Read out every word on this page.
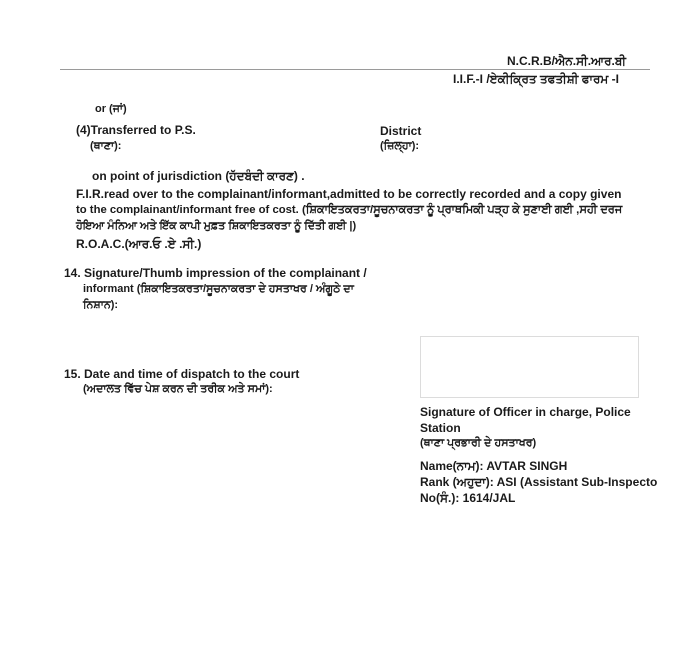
N.C.R.B/ਐਨ.ਸੀ.ਆਰ.ਬੀ
I.I.F.-I /ਏਕੀਕ੍ਰਿਤ ਤਫਤੀਸ਼ੀ ਫਾਰਮ -I
or (ਜਾਂ)
(4)Transferred to P.S.
(ਥਾਣਾ):
District
(ਜ਼ਿਲ੍ਹਾ):
on point of jurisdiction (ਹੱਦਬੰਦੀ ਕਾਰਣ) .
F.I.R.read over to the complainant/informant,admitted to be correctly recorded and a copy given
to the complainant/informant free of cost. (ਸ਼ਿਕਾਇਤਕਰਤਾ/ਸੂਚਨਾਕਰਤਾ ਨੂੰ ਪ੍ਰਾਥਮਿਕੀ ਪੜ੍ਹ ਕੇ ਸੁਣਾਈ ਗਈ ,ਸਹੀ ਦਰਜ
ਹੋਇਆ ਮੰਨਿਆ ਅਤੇ ਇੱਕ ਕਾਪੀ ਮੁਫ਼ਤ ਸ਼ਿਕਾਇਤਕਰਤਾ ਨੂੰ ਦਿੱਤੀ ਗਈ |)
R.O.A.C.(ਆਰ.ਓ .ਏ .ਸੀ.)
14. Signature/Thumb impression of the complainant /
informant (ਸ਼ਿਕਾਇਤਕਰਤਾ/ਸੂਚਨਾਕਰਤਾ ਦੇ ਹਸਤਾਖਰ / ਅੰਗੂਠੇ ਦਾ
ਨਿਸ਼ਾਨ):
15. Date and time of dispatch to the court
(ਅਦਾਲਤ ਵਿੱਚ ਪੇਸ਼ ਕਰਨ ਦੀ ਤਰੀਕ ਅਤੇ ਸਮਾਂ):
Signature of Officer in charge, Police
Station
(ਥਾਣਾ ਪ੍ਰਭਾਰੀ ਦੇ ਹਸਤਾਖਰ)
Name(ਨਾਮ): AVTAR SINGH
Rank (ਅਹੁਦਾ): ASI (Assistant Sub-Inspecto
No(ਸੰ.): 1614/JAL
